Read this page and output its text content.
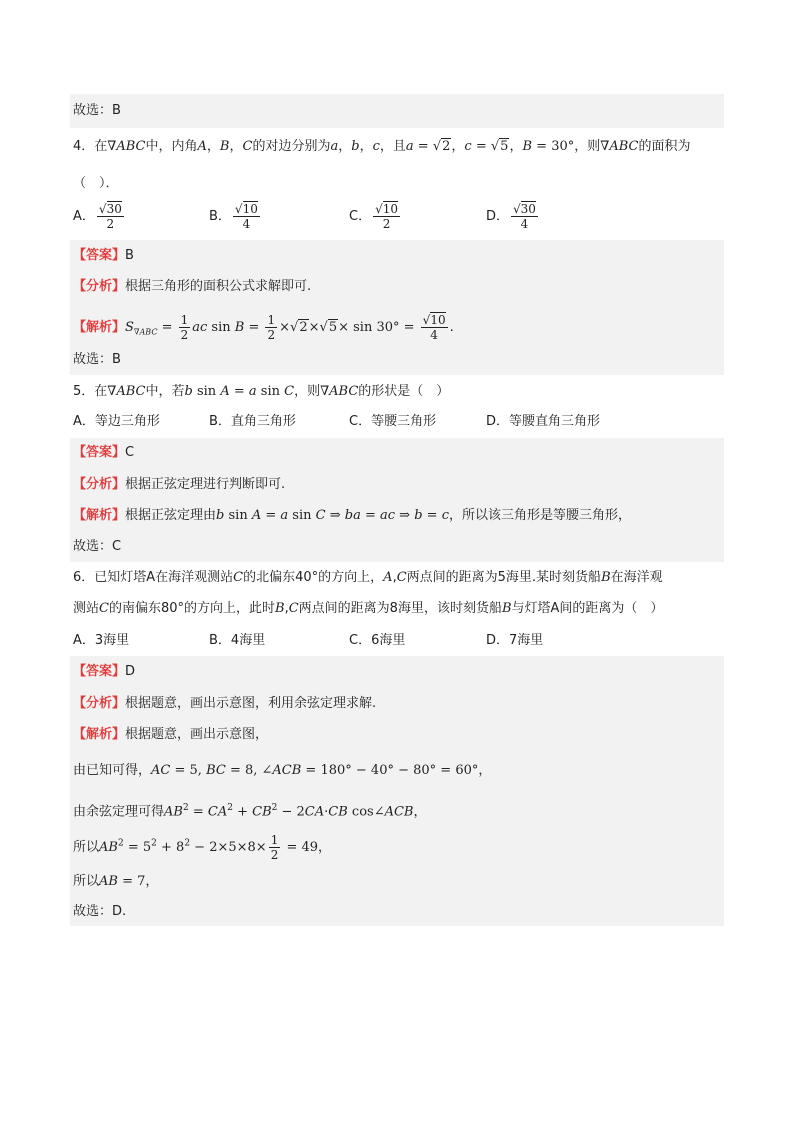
故选：B
4．在∇ABC中，内角A，B，C的对边分别为a，b，c，且a = √2，c = √5，B = 30°，则∇ABC的面积为
（　）．
A． $\frac{√30}{2}$	B． $\frac{√10}{4}$	C． $\frac{√10}{2}$	D． $\frac{√30}{4}$
【答案】B
【分析】根据三角形的面积公式求解即可.
【解析】$S_{\nabla ABC} = \frac{1}{2}$ ac $\sin B = \frac{1}{2} \times√2\times√5\times \sin 30^\circ = \frac{√10}{4}$ .
故选：B
5．在∇ABC中，若b sin A = a sin C，则∇ABC的形状是（　）
A．等边三角形	B．直角三角形	C．等腰三角形	D．等腰直角三角形
【答案】C
【分析】根据正弦定理进行判断即可.
【解析】根据正弦定理由b sin A = a sin C ⇒ ba = ac ⇒ b = c，所以该三角形是等腰三角形，
故选：C
6．已知灯塔A在海洋观测站C的北偏东40°的方向上，A,C两点间的距离为5海里.某时刻货船B在海洋观
测站C的南偏东80°的方向上，此时B,C两点间的距离为8海里，该时刻货船B与灯塔A间的距离为（　）
A．3海里	B．4海里	C．6海里	D．7海里
【答案】D
【分析】根据题意，画出示意图，利用余弦定理求解.
【解析】根据题意，画出示意图，
由已知可得，AC = 5, BC = 8, ∠ACB = 180° − 40° − 80° = 60°，
由余弦定理可得$AB^2 = CA^2 + CB^2 - 2CA\cdot CB$ cos∠ACB，
所以$AB^2 = 5^2 + 8^2 - 2\times 5\times 8\times \frac{1}{2} = 49$，
所以AB = 7，
故选：D.
